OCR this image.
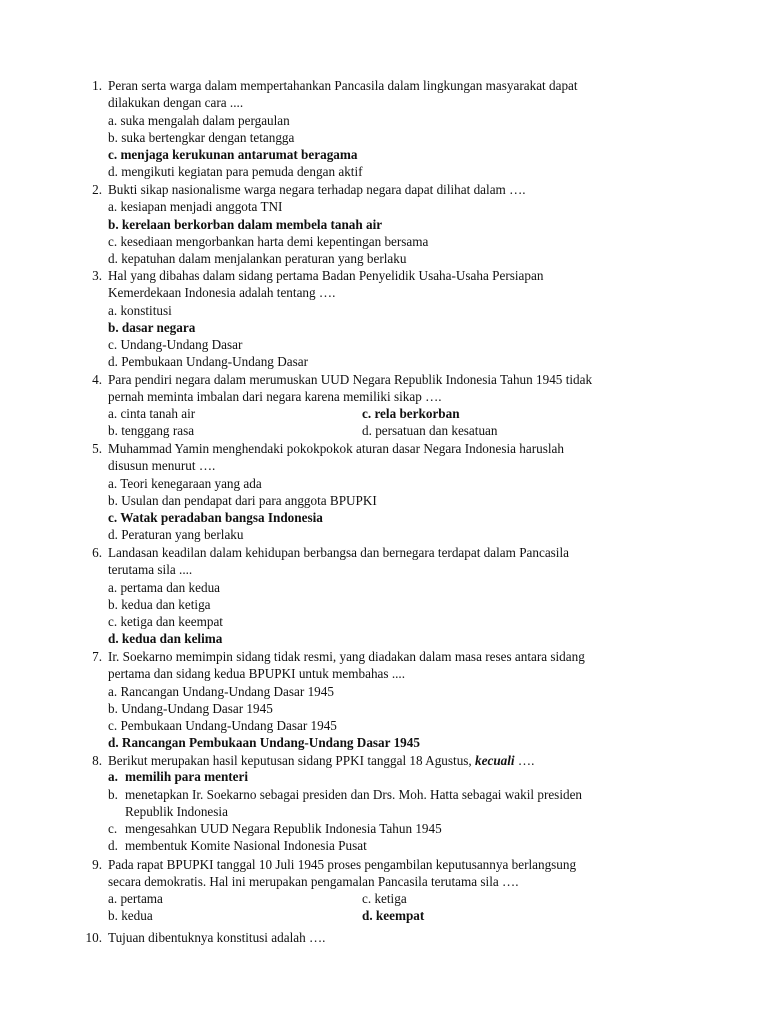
1. Peran serta warga dalam mempertahankan Pancasila dalam lingkungan masyarakat dapat
dilakukan dengan cara ....
a. suka mengalah dalam pergaulan
b. suka bertengkar dengan tetangga
c. menjaga kerukunan antarumat beragama
d. mengikuti kegiatan para pemuda dengan aktif
2. Bukti sikap nasionalisme warga negara terhadap negara dapat dilihat dalam ….
a. kesiapan menjadi anggota TNI
b. kerelaan berkorban dalam membela tanah air
c. kesediaan mengorbankan harta demi kepentingan bersama
d. kepatuhan dalam menjalankan peraturan yang berlaku
3. Hal yang dibahas dalam sidang pertama Badan Penyelidik Usaha-Usaha Persiapan
Kemerdekaan Indonesia adalah tentang ….
a. konstitusi
b. dasar negara
c. Undang-Undang Dasar
d. Pembukaan Undang-Undang Dasar
4. Para pendiri negara dalam merumuskan UUD Negara Republik Indonesia Tahun 1945 tidak
pernah meminta imbalan dari negara karena memiliki sikap ….
a. cinta tanah air	c. rela berkorban
b. tenggang rasa	d. persatuan dan kesatuan
5. Muhammad Yamin menghendaki pokokpokok aturan dasar Negara Indonesia haruslah
disusun menurut ….
a. Teori kenegaraan yang ada
b. Usulan dan pendapat dari para anggota BPUPKI
c. Watak peradaban bangsa Indonesia
d. Peraturan yang berlaku
6. Landasan keadilan dalam kehidupan berbangsa dan bernegara terdapat dalam Pancasila
terutama sila ....
a. pertama dan kedua
b. kedua dan ketiga
c. ketiga dan keempat
d. kedua dan kelima
7. Ir. Soekarno memimpin sidang tidak resmi, yang diadakan dalam masa reses antara sidang
pertama dan sidang kedua BPUPKI untuk membahas ....
a. Rancangan Undang-Undang Dasar 1945
b. Undang-Undang Dasar 1945
c. Pembukaan Undang-Undang Dasar 1945
d. Rancangan Pembukaan Undang-Undang Dasar 1945
8. Berikut merupakan hasil keputusan sidang PPKI tanggal 18 Agustus, kecuali ….
a. memilih para menteri
b. menetapkan Ir. Soekarno sebagai presiden dan Drs. Moh. Hatta sebagai wakil presiden
Republik Indonesia
c. mengesahkan UUD Negara Republik Indonesia Tahun 1945
d. membentuk Komite Nasional Indonesia Pusat
9. Pada rapat BPUPKI tanggal 10 Juli 1945 proses pengambilan keputusannya berlangsung
secara demokratis. Hal ini merupakan pengamalan Pancasila terutama sila ….
a. pertama	c. ketiga
b. kedua	d. keempat
10. Tujuan dibentuknya konstitusi adalah ….
